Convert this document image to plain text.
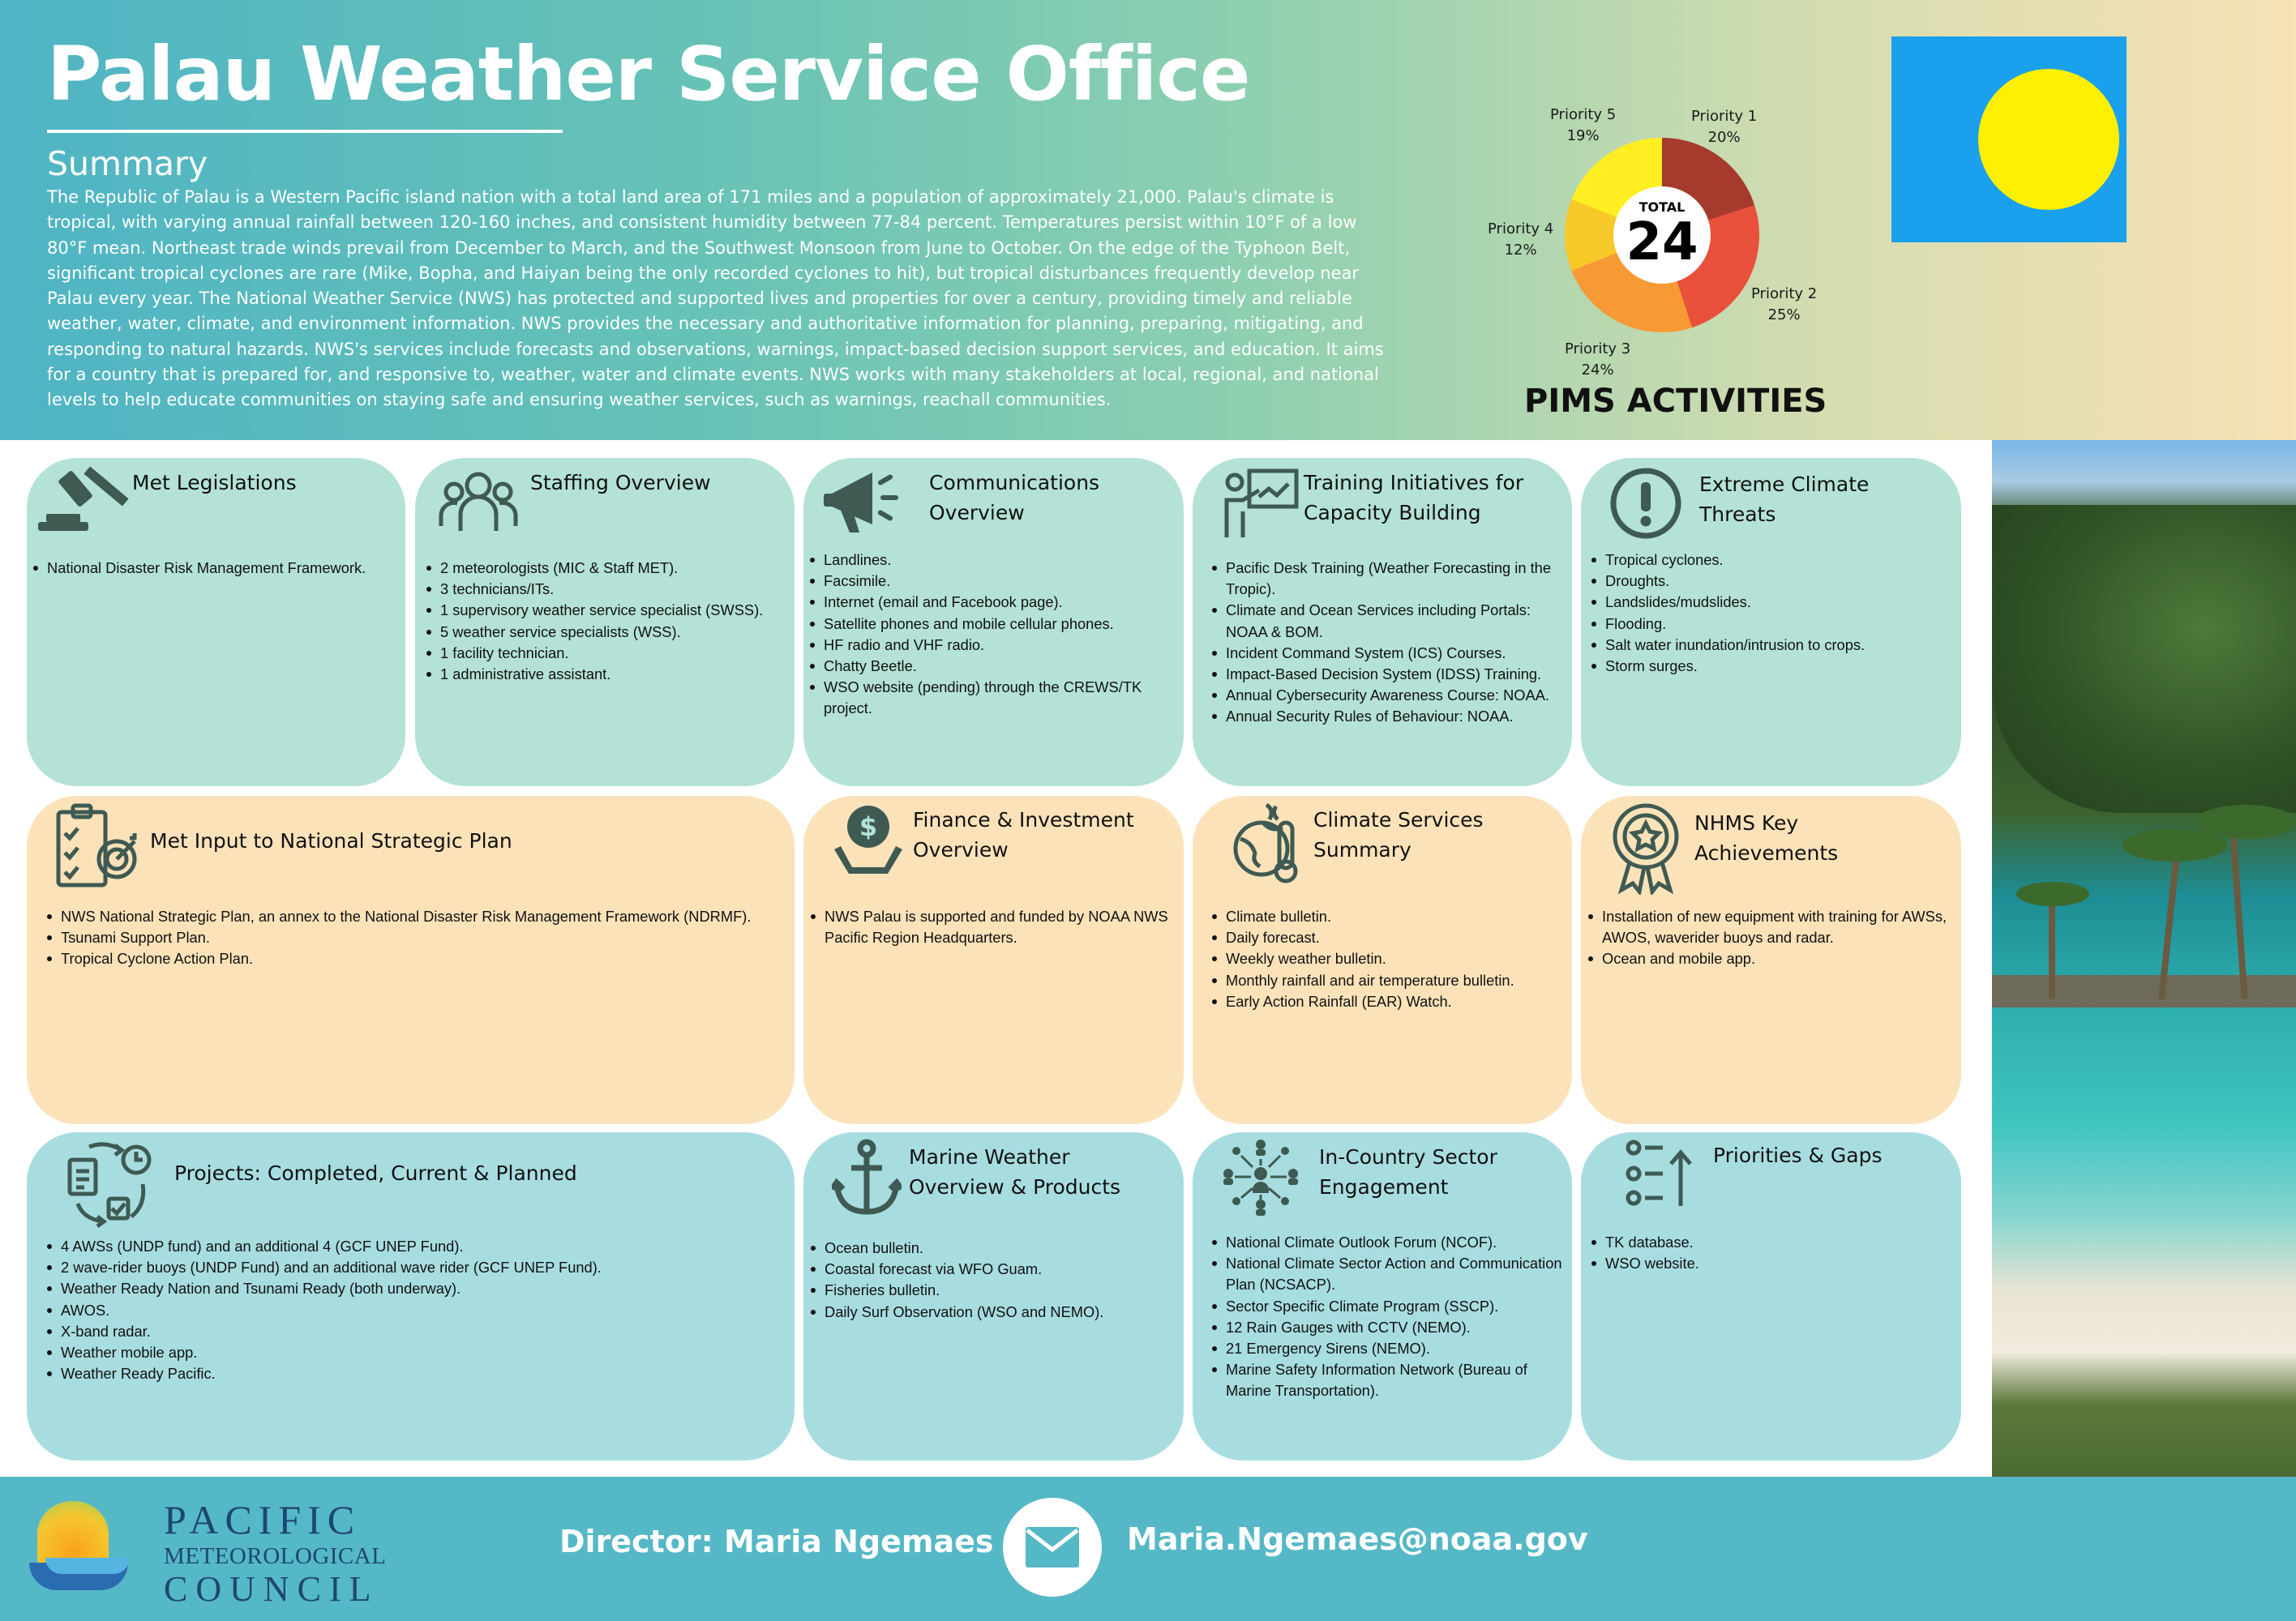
Palau Weather Service Office
Summary
The Republic of Palau is a Western Pacific island nation with a total land area of 171 miles and a population of approximately 21,000. Palau's climate is tropical, with varying annual rainfall between 120-160 inches, and consistent humidity between 77-84 percent. Temperatures persist within 10°F of a low 80°F mean. Northeast trade winds prevail from December to March, and the Southwest Monsoon from June to October. On the edge of the Typhoon Belt, significant tropical cyclones are rare (Mike, Bopha, and Haiyan being the only recorded cyclones to hit), but tropical disturbances frequently develop near Palau every year. The National Weather Service (NWS) has protected and supported lives and properties for over a century, providing timely and reliable weather, water, climate, and environment information. NWS provides the necessary and authoritative information for planning, preparing, mitigating, and responding to natural hazards. NWS's services include forecasts and observations, warnings, impact-based decision support services, and education. It aims for a country that is prepared for, and responsive to, weather, water and climate events. NWS works with many stakeholders at local, regional, and national levels to help educate communities on staying safe and ensuring weather services, such as warnings, reachall communities.
TOTAL
24
Priority 1
20%
Priority 2
25%
Priority 3
24%
Priority 4
12%
Priority 5
19%
PIMS ACTIVITIES
Met Legislations
National Disaster Risk Management Framework.
Staffing Overview
2 meteorologists (MIC & Staff MET).
3 technicians/ITs.
1 supervisory weather service specialist (SWSS).
5 weather service specialists (WSS).
1 facility technician.
1 administrative assistant.
Communications Overview
Landlines.
Facsimile.
Internet (email and Facebook page).
Satellite phones and mobile cellular phones.
HF radio and VHF radio.
Chatty Beetle.
WSO website (pending) through the CREWS/TK project.
Training Initiatives for Capacity Building
Pacific Desk Training (Weather Forecasting in the Tropic).
Climate and Ocean Services including Portals: NOAA & BOM.
Incident Command System (ICS) Courses.
Impact-Based Decision System (IDSS) Training.
Annual Cybersecurity Awareness Course: NOAA.
Annual Security Rules of Behaviour: NOAA.
Extreme Climate Threats
Tropical cyclones.
Droughts.
Landslides/mudslides.
Flooding.
Salt water inundation/intrusion to crops.
Storm surges.
Met Input to National Strategic Plan
NWS National Strategic Plan, an annex to the National Disaster Risk Management Framework (NDRMF).
Tsunami Support Plan.
Tropical Cyclone Action Plan.
$ Finance & Investment Overview
NWS Palau is supported and funded by NOAA NWS Pacific Region Headquarters.
Climate Services Summary
Climate bulletin.
Daily forecast.
Weekly weather bulletin.
Monthly rainfall and air temperature bulletin.
Early Action Rainfall (EAR) Watch.
NHMS Key Achievements
Installation of new equipment with training for AWSs, AWOS, waverider buoys and radar.
Ocean and mobile app.
Projects: Completed, Current & Planned
4 AWSs (UNDP fund) and an additional 4 (GCF UNEP Fund).
2 wave-rider buoys (UNDP Fund) and an additional wave rider (GCF UNEP Fund).
Weather Ready Nation and Tsunami Ready (both underway).
AWOS.
X-band radar.
Weather mobile app.
Weather Ready Pacific.
Marine Weather Overview & Products
Ocean bulletin.
Coastal forecast via WFO Guam.
Fisheries bulletin.
Daily Surf Observation (WSO and NEMO).
In-Country Sector Engagement
National Climate Outlook Forum (NCOF).
National Climate Sector Action and Communication Plan (NCSACP).
Sector Specific Climate Program (SSCP).
12 Rain Gauges with CCTV (NEMO).
21 Emergency Sirens (NEMO).
Marine Safety Information Network (Bureau of Marine Transportation).
Priorities & Gaps
TK database.
WSO website.
PACIFIC
METEOROLOGICAL
COUNCIL
Director: Maria Ngemaes	Maria.Ngemaes@noaa.gov
